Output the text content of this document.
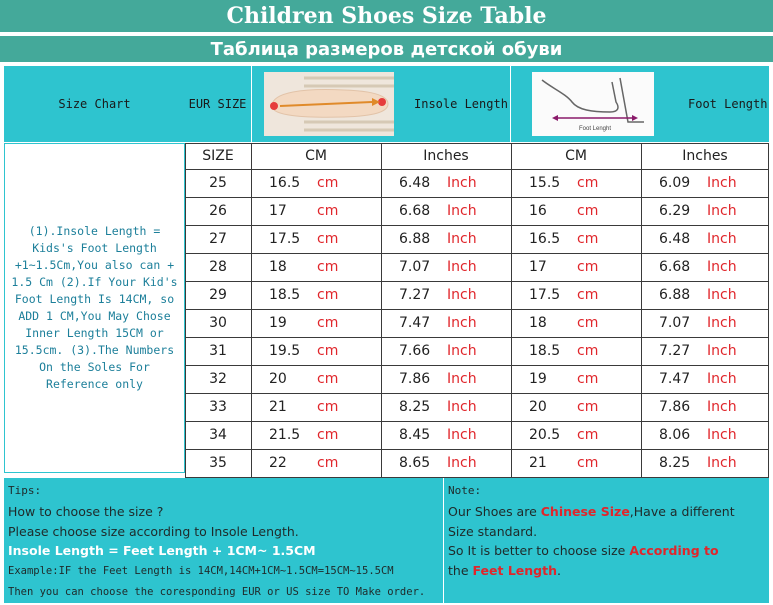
Children Shoes Size Table
Таблица размеров детской обуви
Size Chart	EUR SIZE	Insole Length
Foot Lenght
Foot Length
(1).Insole Length = Kids's Foot Length +1~1.5Cm,You also can + 1.5 Cm (2).If Your Kid's Foot Length Is 14CM, so ADD 1 CM,You May Chose Inner Length 15CM or 15.5cm. (3).The Numbers On the Soles For Reference only
SIZE	CM	Inches	CM	Inches
25	16.5	cm	6.48	Inch	15.5	cm	6.09	Inch
26	17	cm	6.68	Inch	16	cm	6.29	Inch
27	17.5	cm	6.88	Inch	16.5	cm	6.48	Inch
28	18	cm	7.07	Inch	17	cm	6.68	Inch
29	18.5	cm	7.27	Inch	17.5	cm	6.88	Inch
30	19	cm	7.47	Inch	18	cm	7.07	Inch
31	19.5	cm	7.66	Inch	18.5	cm	7.27	Inch
32	20	cm	7.86	Inch	19	cm	7.47	Inch
33	21	cm	8.25	Inch	20	cm	7.86	Inch
34	21.5	cm	8.45	Inch	20.5	cm	8.06	Inch
35	22	cm	8.65	Inch	21	cm	8.25	Inch
Tips:
How to choose the size ?
Please choose size according to Insole Length.
Insole Length = Feet Length + 1CM~ 1.5CM
Example:IF the Feet Length is 14CM,14CM+1CM~1.5CM=15CM~15.5CM
Then you can choose the coresponding EUR or US size TO Make order.
Note:
Our Shoes are Chinese Size,Have a different
Size standard.
So It is better to choose size According to
the Feet Length.
